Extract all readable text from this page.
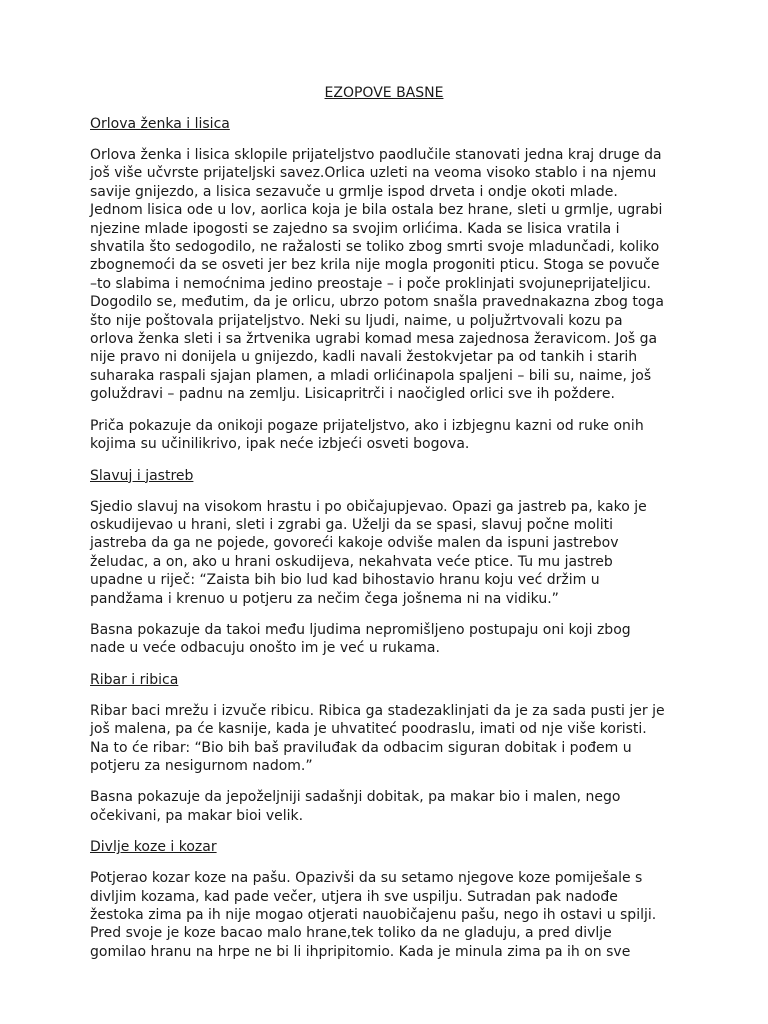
EZOPOVE BASNE
Orlova ženka i lisica
Orlova ženka i lisica sklopile prijateljstvo paodlučile stanovati jedna kraj druge da
još više učvrste prijateljski savez.Orlica uzleti na veoma visoko stablo i na njemu
savije gnijezdo, a lisica sezavuče u grmlje ispod drveta i ondje okoti mlade.
Jednom lisica ode u lov, aorlica koja je bila ostala bez hrane, sleti u grmlje, ugrabi
njezine mlade ipogosti se zajedno sa svojim orlićima. Kada se lisica vratila i
shvatila što sedogodilo, ne ražalosti se toliko zbog smrti svoje mladunčadi, koliko
zbognemoći da se osveti jer bez krila nije mogla progoniti pticu. Stoga se povuče
–to slabima i nemoćnima jedino preostaje – i poče proklinjati svojuneprijateljicu.
Dogodilo se, međutim, da je orlicu, ubrzo potom snašla pravednakazna zbog toga
što nije poštovala prijateljstvo. Neki su ljudi, naime, u poljužrtvovali kozu pa
orlova ženka sleti i sa žrtvenika ugrabi komad mesa zajednosa žeravicom. Još ga
nije pravo ni donijela u gnijezdo, kadli navali žestokvjetar pa od tankih i starih
suharaka raspali sjajan plamen, a mladi orlićinapola spaljeni – bili su, naime, još
goluždravi – padnu na zemlju. Lisicapritrči i naočigled orlici sve ih požderе.
Priča pokazuje da onikoji pogaze prijateljstvo, ako i izbjegnu kazni od ruke onih
kojima su učinilikrivo, ipak neće izbjeći osveti bogova.
Slavuj i jastreb
Sjedio slavuj na visokom hrastu i po običajupjevao. Opazi ga jastreb pa, kako je
oskudijevao u hrani, sleti i zgrabi ga. Uželji da se spasi, slavuj počne moliti
jastreba da ga ne pojede, govoreći kakoje odviše malen da ispuni jastrebov
želudac, a on, ako u hrani oskudijeva, nekahvata veće ptice. Tu mu jastreb
upadne u riječ: “Zaista bih bio lud kad bihostavio hranu koju već držim u
pandžama i krenuo u potjeru za nečim čega jošnema ni na vidiku.”
Basna pokazuje da takoi među ljudima nepromišljeno postupaju oni koji zbog
nade u veće odbacuju onošto im je već u rukama.
Ribar i ribica
Ribar baci mrežu i izvuče ribicu. Ribica ga stadezaklinjati da je za sada pusti jer je
još malena, pa će kasnije, kada je uhvatiteć poodraslu, imati od nje više koristi.
Na to će ribar: “Bio bih baš praviluđak da odbacim siguran dobitak i pođem u
potjeru za nesigurnom nadom.”
Basna pokazuje da jepoželjniji sadašnji dobitak, pa makar bio i malen, nego
očekivani, pa makar bioi velik.
Divlje koze i kozar
Potjerao kozar koze na pašu. Opazivši da su setamo njegove koze pomiješale s
divljim kozama, kad pade večer, utjera ih sve uspilju. Sutradan pak nadođe
žestoka zima pa ih nije mogao otjerati nauobičajenu pašu, nego ih ostavi u spilji.
Pred svoje je koze bacao malo hrane,tek toliko da ne gladuju, a pred divlje
gomilao hranu na hrpe ne bi li ihpripitomio. Kada je minula zima pa ih on sve
